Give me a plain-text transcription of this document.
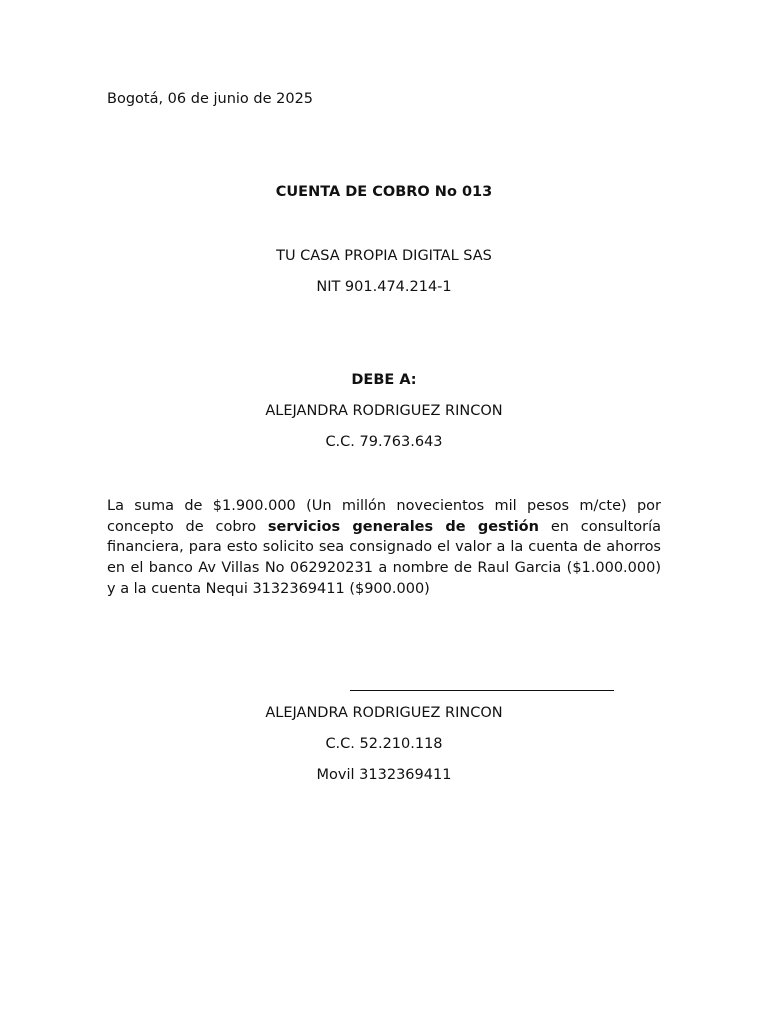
Bogotá, 06 de junio de 2025
CUENTA DE COBRO No 013
TU CASA PROPIA DIGITAL SAS
NIT 901.474.214-1
DEBE A:
ALEJANDRA RODRIGUEZ RINCON
C.C. 79.763.643
La suma de $1.900.000 (Un millón novecientos mil pesos m/cte) por concepto de cobro servicios generales de gestión en consultoría financiera, para esto solicito sea consignado el valor a la cuenta de ahorros en el banco Av Villas No 062920231 a nombre de Raul Garcia ($1.000.000) y a la cuenta Nequi 3132369411 ($900.000)
ALEJANDRA RODRIGUEZ RINCON
C.C. 52.210.118
Movil 3132369411
